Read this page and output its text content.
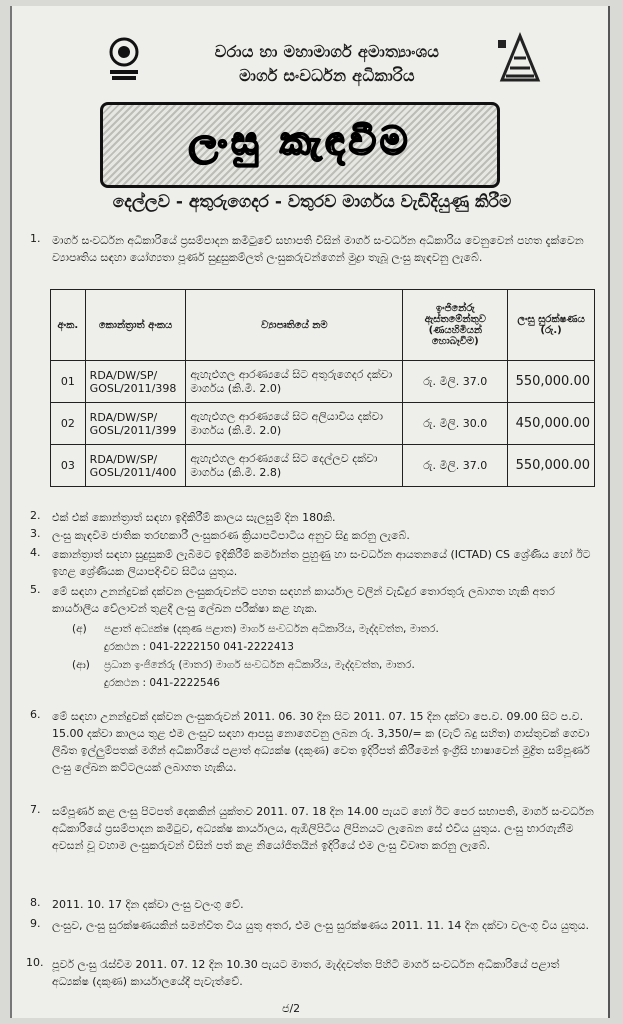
වරාය හා මහාමාර්ග අමාත්‍යාංශය
මාර්ග සංවර්ධන අධිකාරිය
ලංසු කැඳවීම
දෙල්ලව - අතුරුගෙදර - වතුරව මාර්ගය වැඩිදියුණු කිරීම
1. මාර්ග සංවර්ධන අධිකාරියේ ප්‍රසම්පාදන කමිටුවේ සභාපති විසින් මාර්ග සංවර්ධන අධිකාරිය වෙනුවෙන් පහත දැක්වෙන ව්‍යාපෘතිය සඳහා යෝග්‍යතා පූර්ණ සුදුසුකම්ලත් ලංසුකරුවන්ගෙන් මුද්‍රා තැබූ ලංසු කැඳවනු ලැබේ.
අංක.	කොන්ත්‍රාත් අංකය	ව්‍යාපෘතියේ නම	ඉංජිනේරු ඇස්තමේන්තුව (ණයහිමියන් හොබෑවීම)	ලංසු සුරක්ෂණය (රු.)
01	RDA/DW/SP/ GOSL/2011/398	ඇහැළුගල ආරණ්‍යයේ සිට අතුරුගෙදර දක්වා මාර්ගය (කි.මී. 2.0)	රු. මිලි. 37.0	550,000.00
02	RDA/DW/SP/ GOSL/2011/399	ඇහැළුගල ආරණ්‍යයේ සිට අලියාවිය දක්වා මාර්ගය (කි.මී. 2.0)	රු. මිලි. 30.0	450,000.00
03	RDA/DW/SP/ GOSL/2011/400	ඇහැළුගල ආරණ්‍යයේ සිට දෙල්ලව දක්වා මාර්ගය (කි.මී. 2.8)	රු. මිලි. 37.0	550,000.00
2. එක් එක් කොන්ත්‍රාත් සඳහා ඉදිකිරීම් කාලය සැලසුම් දින 180කි.
3. ලංසු කැඳවීම ජාතික තරඟකාරී ලංසුකරණ ක්‍රියාපටිපාටිය අනුව සිදු කරනු ලැබේ.
4. කොන්ත්‍රාත් සඳහා සුදුසුකම් ලැබීමට ඉදිකිරීම් කර්මාන්ත පුහුණු හා සංවර්ධන ආයතනයේ (ICTAD) CS ශ්‍රේණිය හෝ ඊට ඉහළ ශ්‍රේණියක ලියාපදිංචිව සිටිය යුතුය.
5. මේ සඳහා උනන්දුවක් දක්වන ලංසුකරුවන්ට පහත සඳහන් කාර්යාල වලින් වැඩිදුර තොරතුරු ලබාගත හැකි අතර කාර්යාලීය වේලාවන් තුළදී ලංසු ලේඛන පරීක්ෂා කළ හැක.
(අ) පළාත් අධ්‍යක්ෂ (දකුණ පළාත) මාර්ග සංවර්ධන අධිකාරිය, මැද්දවත්ත, මාතර.
දුරකථන : 041-2222150 041-2222413
(ආ) ප්‍රධාන ඉංජිනේරු (මාතර) මාර්ග සංවර්ධන අධිකාරිය, මැද්දවත්ත, මාතර.
දුරකථන : 041-2222546
6. මේ සඳහා උනන්දුවක් දක්වන ලංසුකරුවන් 2011. 06. 30 දින සිට 2011. 07. 15 දින දක්වා පෙ.ව. 09.00 සිට ප.ව. 15.00 දක්වා කාලය තුළ එම ලංසුව සඳහා ආපසු නොගෙවනු ලබන රු. 3,350/= ක (වැට් බදු සහිත) ගාස්තුවක් ගෙවා ලිඛිත ඉල්ලුම්පතක් මගින් අධිකාරියේ පළාත් අධ්‍යක්ෂ (දකුණ) වෙත ඉදිරිපත් කිරීමෙන් ඉංග්‍රීසි භාෂාවෙන් මුද්‍රිත සම්පූර්ණ ලංසු ලේඛන කට්ටලයක් ලබාගත හැකිය.
7. සම්පූර්ණ කළ ලංසු පිටපත් දෙකකින් යුක්තව 2011. 07. 18 දින 14.00 පැයට හෝ ඊට පෙර සභාපති, මාර්ග සංවර්ධන අධිකාරියේ ප්‍රසම්පාදන කමිටුව, අධ්‍යක්ෂ කාර්යාලය, ඇඹිලිපිටිය ලිපිනයට ලැබෙන සේ එවිය යුතුය. ලංසු භාරගැනීම අවසන් වූ වහාම ලංසුකරුවන් විසින් පත් කළ නියෝජිතයින් ඉදිරියේ එම ලංසු විවෘත කරනු ලැබේ.
8. 2011. 10. 17 දින දක්වා ලංසු වලංගු වේ.
9. ලංසුව, ලංසු සුරක්ෂණයකින් සමන්විත විය යුතු අතර, එම ලංසු සුරක්ෂණය 2011. 11. 14 දින දක්වා වලංගු විය යුතුය.
10. පූර්ව ලංසු රැස්වීම 2011. 07. 12 දින 10.30 පැයට මාතර, මැද්දවත්ත පිහිටි මාර්ග සංවර්ධන අධිකාරියේ පළාත් අධ්‍යක්ෂ (දකුණ) කාර්යාලයේදී පැවැත්වේ.
ජ/2
